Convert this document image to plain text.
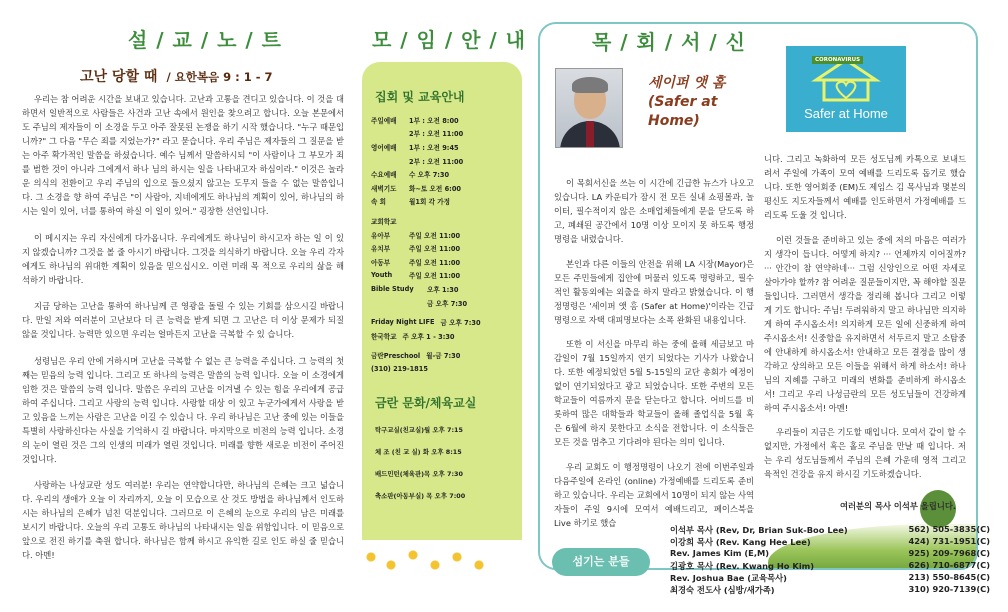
설 / 교 / 노 / 트
고난 당할 때 / 요한복음 9 : 1 - 7

우리는 참 어려운 시간을 보내고 있습니다. 고난과 고통을 견디고 있습니다. 이 것을 대하면서 일반적으로 사람들은 사건과 고난 속에서 원인을 찾으려고 합니다. 오늘 본문에서도 주님의 제자들이 이 소경을 두고 아주 잘못된 논쟁을 하기 시작 했습니다. "누구 때문입니까?" 그 다음 "무슨 죄를 지었는가?" 라고 묻습니다. 우리 주님은 제자들의 그 질문을 받는 아주 확가적인 말씀을 하셨습니다. 예수 님께서 말씀하시되 "이 사람이나 그 부모가 죄를 범한 것이 아니라 그에게서 하나 님의 하시는 일을 나타내고자 하심이라." 이것은 놀라운 의식의 전환이고 우리 주님의 입으로 들으셨지 않고는 도무지 들을 수 없는 말씀입니다. 그 소경을 향 하여 주님은 "이 사람아, 지네에게도 하나님의 계획이 있어, 하나님의 하시는 일이 있어, 너를 통하여 하실 이 일이 있어." 굉장한 선언입니다.

이 메시지는 우리 자신에게 다가옵니다. 우리에게도 하나님이 하시고자 하는 일 이 있지 않겠습니까? 그것을 볼 줄 아시기 바랍니다. 그것을 의식하기 바랍니다. 오늘 우리 각자에게도 하나님의 위대한 계획이 있음을 믿으십시오. 이런 미래 목 적으로 우리의 삶을 해석하기 바랍니다.

지금 당하는 고난을 통하여 하나님께 큰 영광을 돌릴 수 있는 기회를 삼으시길 바랍니다. 만일 저와 여러분이 고난보다 더 큰 능력을 받게 되면 그 고난은 더 이상 문제가 되질 않을 것입니다. 능력만 있으면 우리는 얼마든지 고난을 극복할 수 있 습니다.

성령님은 우리 안에 거하시며 고난을 극복할 수 없는 큰 능력을 주십니다. 그 능력의 첫째는 믿음의 능력 입니다. 그리고 또 하나의 능력은 말씀의 능력 입니다. 오늘 이 소경에게 임한 것은 말씀의 능력 입니다. 말씀은 우리의 고난을 이겨낼 수 있는 힘을 우리에게 공급하여 주십니다. 그리고 사랑의 능력 입니다. 사랑할 대상 이 있고 누군가에게서 사랑을 받고 있음을 느끼는 사람은 고난을 이길 수 있습니 다. 우리 하나님은 고난 중에 있는 이들을 특별히 사랑하신다는 사실을 기억하시 길 바랍니다. 마지막으로 비전의 능력 입니다. 소경의 눈이 열린 것은 그의 인생의 미래가 열린 것입니다. 미래를 향한 새로운 비전이 주어진 것입니다.

사랑하는 나성교란 성도 여러분! 우리는 연약합니다만, 하나님의 은혜는 크고 넓습니다. 우리의 생애가 오늘 이 자리까지, 오늘 이 모습으로 산 것도 방법을 하나님께서 인도하시는 하나님의 은혜가 넘친 덕분입니다. 그러므로 이 은혜의 눈으로 우리의 남은 미래를 보시기 바랍니다. 오늘의 우리 고통도 하나님의 나타내시는 일을 위함입니다. 이 믿음으로 앞으로 전진 하기를 축원 합니다. 하나님은 함께 하시고 유익한 길로 인도 하실 줄 믿습니다. 아멘!

모 / 임 / 안 / 내
집회 및 교육안내
주일예배	1부 : 오전 8:00
2부 : 오전 11:00
영어예배	1부 : 오전 9:45
2부 : 오전 11:00
수요예배	수 오후 7:30
새벽기도	화~토 오전 6:00
속 회	월1회 각 가정
교회학교
유아부	주일 오전 11:00
유치부	주일 오전 11:00
아동부	주일 오전 11:00
Youth	주일 오전 11:00
Bible Study	오후 1:30
금 오후 7:30
Friday Night LIFE 금 오후 7:30
한국학교 주 오후 1 - 3:30
금란Preschool 월-금 7:30
(310) 219-1815
금란 문화/체육교실
탁구교실(친교실)월 오후 7:15
체 조 (친 교 실) 화 오후 8:15
배드민턴(체육관)목 오후 7:30
축소판(아동부실) 목 오후 7:00
목 / 회 / 서 / 신
세이퍼 앳 홈
(Safer at
Home)
CORONAVIRUS
Safer at Home

이 목회서신을 쓰는 이 시간에 긴급한 뉴스가 나오고 있습니다. LA 카운티가 잠시 전 모든 실내 쇼핑몰과, 놀이터, 필수적이지 않은 소매업체들에게 문을 닫도록 하고, 폐쇄된 공간에서 10명 이상 모이지 못 하도록 행정명령을 내렸습니다.

본인과 다른 이들의 안전을 위해 LA 시장(Mayor)은 모든 주민들에게 집안에 머물러 있도록 명령하고, 필수적인 활동외에는 외출을 하지 말라고 밝혔습니다. 이 행정명령은 '세이퍼 앳 홈 (Safer at Home)'이라는 긴급 명령으로 자택 대피명보다는 소폭 완화된 내용입니다.

또한 이 서신을 마무리 하는 중에 올해 세금보고 마감일이 7월 15일까지 연기 되었다는 기사가 나왔습니다. 또한 예정되었던 5월 5-15일의 교단 총회가 예정이 없이 연기되었다고 광고 되었습니다. 또한 주변의 모든 학교들이 여름까지 문을 닫는다고 합니다. 어비드를 비롯하여 많은 대학들과 학교들이 올해 졸업식을 5월 혹은 6월에 하지 못한다고 소식을 전합니다. 이 소식들은 모든 것을 멈추고 기다려야 된다는 의미 입니다.

우리 교회도 이 행정명령이 나오기 전에 이번주일과 다음주일에 온라인 (online) 가정예배를 드리도록 준비하고 있습니다. 우리는 교회에서 10명이 되지 않는 사역자들이 주일 9시에 모여서 예배드리고, 페이스북을 Live 하기로 했습

니다. 그리고 녹화하여 모든 성도님께 카톡으로 보내드려서 주일에 가족이 모여 예배를 드리도록 돕기로 했습니다. 또한 영어회중 (EM)도 제임스 김 목사님과 몇분의 평신도 지도자들께서 예배를 인도하면서 가정예배를 드리도록 도울 것 입니다.

이런 것들을 준비하고 있는 중에 저의 마음은 여러가지 생각이 듭니다. 어떻게 하지? ··· 언제까지 이어질까? ··· 안간이 참 연약하네··· 그럼 신앙인으로 어떤 자세로 살아가야 할까? 참 어려운 질문들이지만, 꼭 해야할 질문들입니다. 그러면서 생각을 정리해 봅니다 그리고 이렇게 기도 합니다: 주님! 두려워하지 말고 하나님만 의지하게 하여 주시옵소서! 의지하게 모든 일에 신중하게 하여 주시옵소서! 신중함을 유지하면서 서두르지 말고 소탐중에 안내하게 하시옵소서! 안내하고 모든 결정을 많이 생각하고 상의하고 모든 이들을 위해서 하게 하소서! 하나님의 지혜를 구하고 미래의 변화를 준비하게 하시옵소서! 그리고 우리 나성금란의 모든 성도님들이 건강하게 하여 주시옵소서! 아멘!

우리들이 지금은 기도할 때입니다. 모여서 같이 할 수 없지만, 가정에서 혹은 홀로 주님을 만날 때 입니다. 저는 우리 성도님들께서 주님의 은혜 가운데 영적 그리고 육적인 건강을 유지 하시길 기도하겠습니다.

여러분의 목사 이석부 올립니다.
섬기는 분들
이석부 목사 (Rev, Dr, Brian Suk-Boo Lee)	562) 505-3835(C)
이강희 목사 (Rev. Kang Hee Lee)	424) 731-1951(C)
Rev. James Kim (E,M)	925) 209-7968(C)
김광호 목사 (Rev. Kwang Ho Kim)	626) 710-6877(C)
Rev. Joshua Bae (교육목사)	213) 550-8645(C)
최경숙 전도사 (심방/새가족)	310) 920-7139(C)
